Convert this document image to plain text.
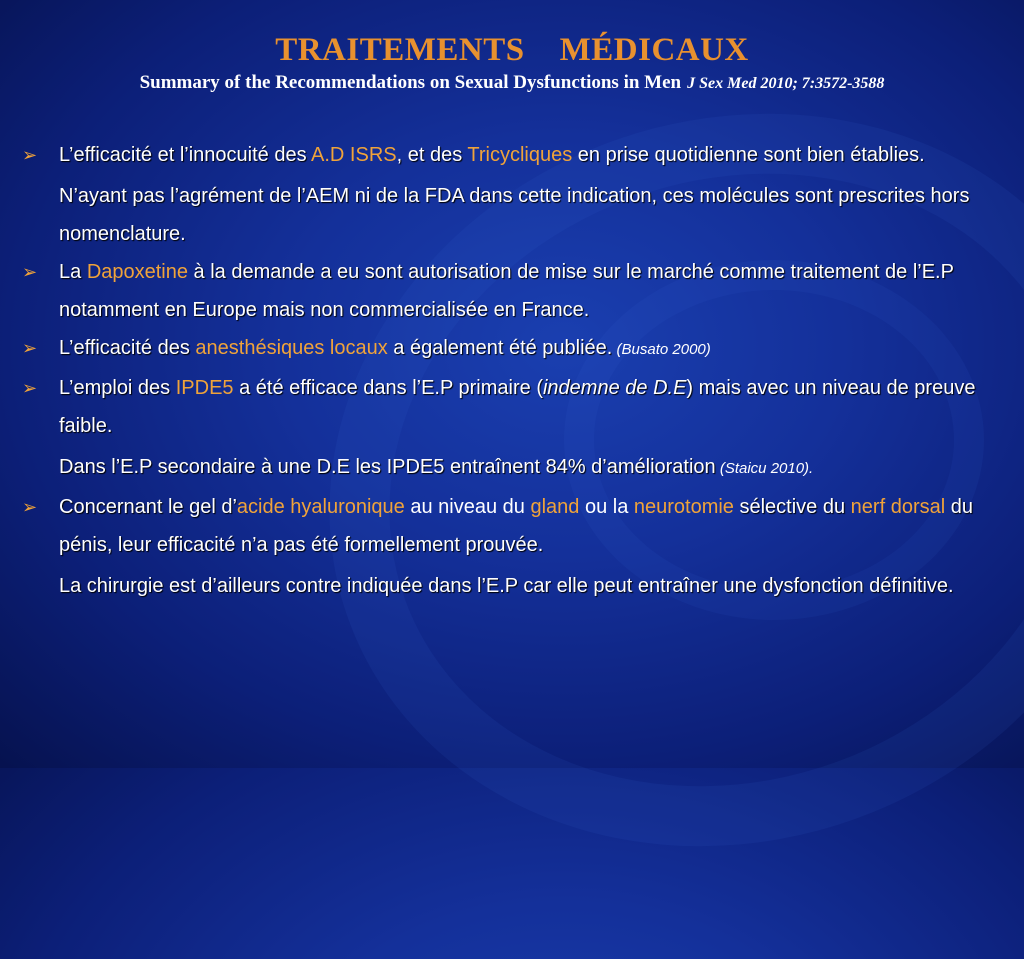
TRAITEMENTS    MÉDICAUX
Summary of the Recommendations on Sexual Dysfunctions in Men J Sex Med 2010; 7:3572-3588
➢	L’efficacité et l’innocuité des A.D ISRS, et des Tricycliques en prise quotidienne sont bien établies.
N’ayant pas l’agrément de l’AEM ni de la FDA dans cette indication, ces molécules sont prescrites hors nomenclature.
➢	La Dapoxetine à la demande a eu sont autorisation de mise sur le marché comme traitement de l’E.P notamment en Europe mais non commercialisée en France.
➢	L’efficacité des anesthésiques locaux a également été publiée. (Busato 2000)
➢	L’emploi des IPDE5 a été efficace dans l’E.P primaire (indemne de D.E) mais avec un niveau de preuve faible.
Dans l’E.P secondaire à une D.E les IPDE5 entraînent 84% d’amélioration (Staicu 2010).
➢	Concernant le gel d’acide hyaluronique au niveau du gland ou la neurotomie sélective du nerf dorsal du pénis, leur efficacité n’a pas été formellement prouvée.
La chirurgie est d’ailleurs contre indiquée dans l’E.P car elle peut entraîner une dysfonction définitive.
